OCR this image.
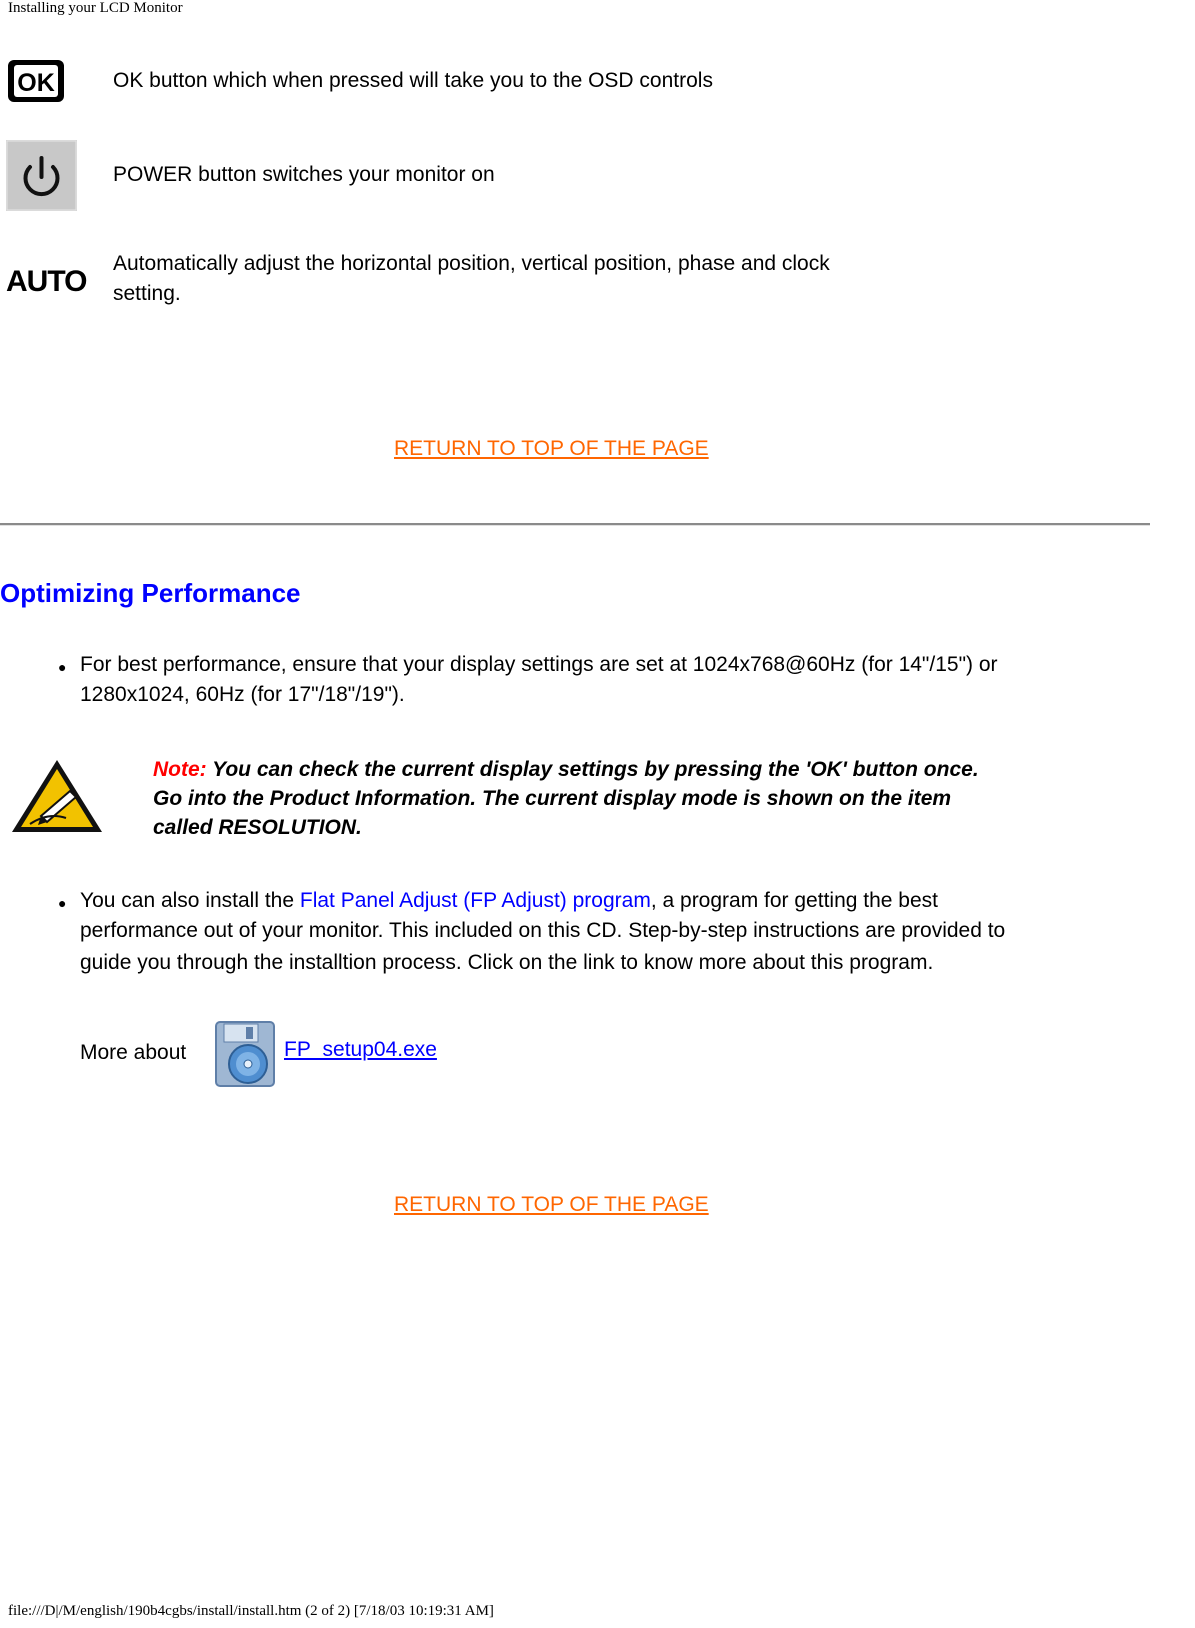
Installing your LCD Monitor
OK	OK button which when pressed will take you to the OSD controls
POWER button switches your monitor on
AUTO
Automatically adjust the horizontal position, vertical position, phase and clock
setting.
RETURN TO TOP OF THE PAGE
Optimizing Performance
● For best performance, ensure that your display settings are set at 1024x768@60Hz (for 14"/15") or
1280x1024, 60Hz (for 17"/18"/19").
Note: You can check the current display settings by pressing the 'OK' button once.
Go into the Product Information. The current display mode is shown on the item
called RESOLUTION.
● You can also install the Flat Panel Adjust (FP Adjust) program, a program for getting the best
performance out of your monitor. This included on this CD. Step-by-step instructions are provided to
guide you through the installtion process. Click on the link to know more about this program.
More about	FP_setup04.exe
RETURN TO TOP OF THE PAGE
file:///D|/M/english/190b4cgbs/install/install.htm (2 of 2) [7/18/03 10:19:31 AM]
